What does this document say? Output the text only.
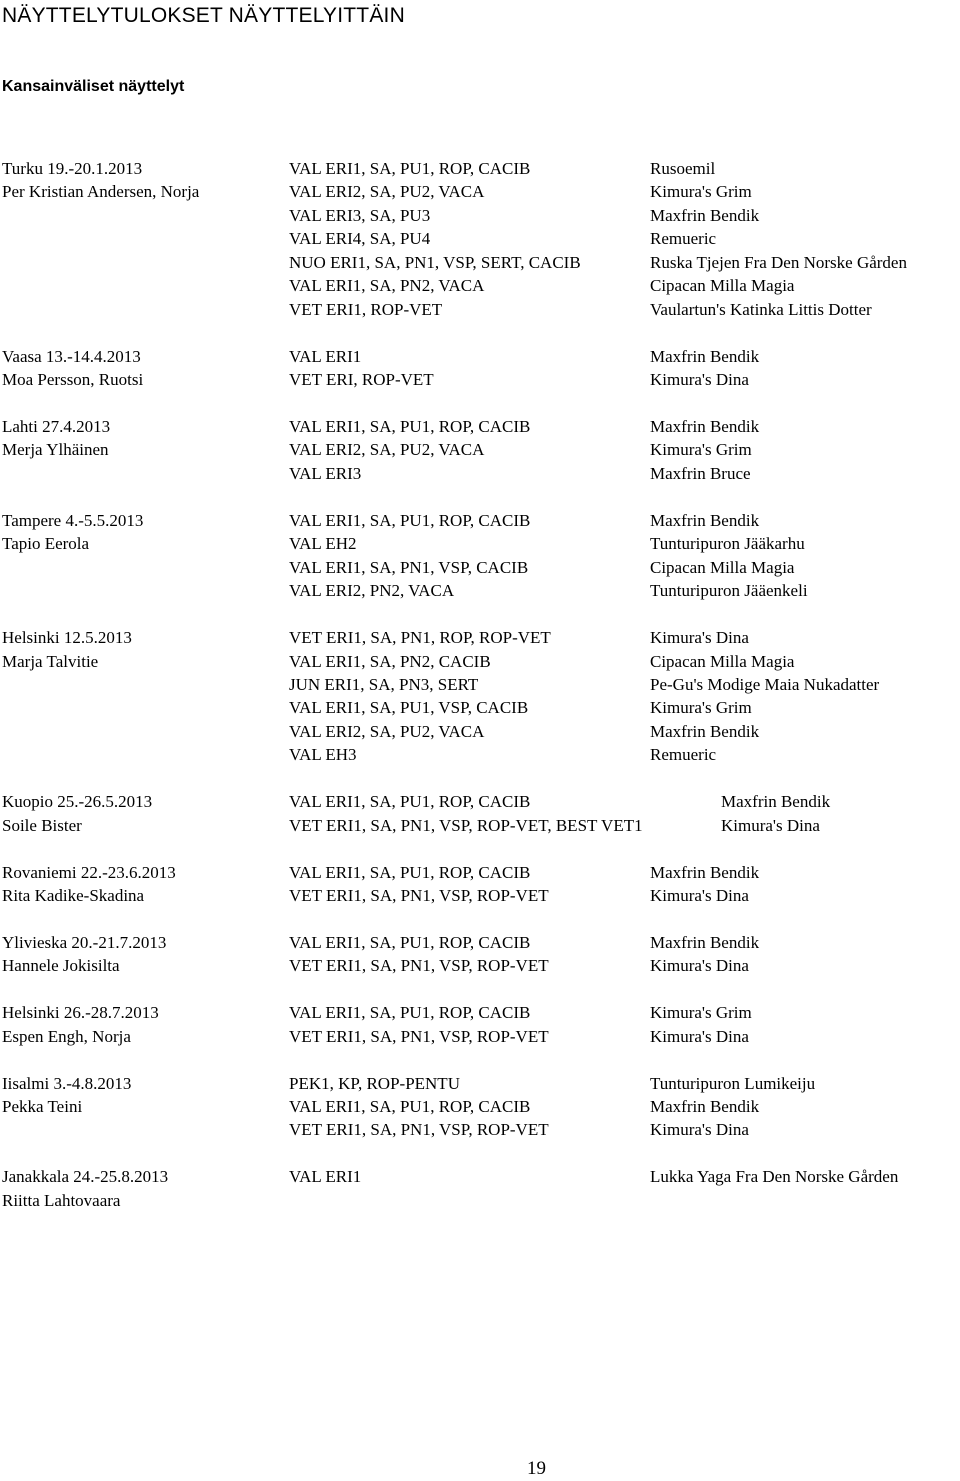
NÄYTTELYTULOKSET NÄYTTELYITTÄIN
Kansainväliset näyttelyt
Turku 19.-20.1.2013	VAL ERI1, SA, PU1, ROP, CACIB	Rusoemil
Per Kristian Andersen, Norja	VAL ERI2, SA, PU2, VACA	Kimura's Grim
VAL ERI3, SA, PU3	Maxfrin Bendik
VAL ERI4, SA, PU4	Remueric
NUO ERI1, SA, PN1, VSP, SERT, CACIB	Ruska Tjejen Fra Den Norske Gården
VAL ERI1, SA, PN2, VACA	Cipacan Milla Magia
VET ERI1, ROP-VET	Vaulartun's Katinka Littis Dotter
Vaasa 13.-14.4.2013	VAL ERI1	Maxfrin Bendik
Moa Persson, Ruotsi	VET ERI, ROP-VET	Kimura's Dina
Lahti 27.4.2013	VAL ERI1, SA, PU1, ROP, CACIB	Maxfrin Bendik
Merja Ylhäinen	VAL ERI2, SA, PU2, VACA	Kimura's Grim
VAL ERI3	Maxfrin Bruce
Tampere 4.-5.5.2013	VAL ERI1, SA, PU1, ROP, CACIB	Maxfrin Bendik
Tapio Eerola	VAL EH2	Tunturipuron Jääkarhu
VAL ERI1, SA, PN1, VSP, CACIB	Cipacan Milla Magia
VAL ERI2, PN2, VACA	Tunturipuron Jääenkeli
Helsinki 12.5.2013	VET ERI1, SA, PN1, ROP, ROP-VET	Kimura's Dina
Marja Talvitie	VAL ERI1, SA, PN2, CACIB	Cipacan Milla Magia
JUN ERI1, SA, PN3, SERT	Pe-Gu's Modige Maia Nukadatter
VAL ERI1, SA, PU1, VSP, CACIB	Kimura's Grim
VAL ERI2, SA, PU2, VACA	Maxfrin Bendik
VAL EH3	Remueric
Kuopio 25.-26.5.2013	VAL ERI1, SA, PU1, ROP, CACIB	Maxfrin Bendik
Soile Bister	VET ERI1, SA, PN1, VSP, ROP-VET, BEST VET1	Kimura's Dina
Rovaniemi 22.-23.6.2013	VAL ERI1, SA, PU1, ROP, CACIB	Maxfrin Bendik
Rita Kadike-Skadina	VET ERI1, SA, PN1, VSP, ROP-VET	Kimura's Dina
Ylivieska 20.-21.7.2013	VAL ERI1, SA, PU1, ROP, CACIB	Maxfrin Bendik
Hannele Jokisilta	VET ERI1, SA, PN1, VSP, ROP-VET	Kimura's Dina
Helsinki 26.-28.7.2013	VAL ERI1, SA, PU1, ROP, CACIB	Kimura's Grim
Espen Engh, Norja	VET ERI1, SA, PN1, VSP, ROP-VET	Kimura's Dina
Iisalmi 3.-4.8.2013	PEK1, KP, ROP-PENTU	Tunturipuron Lumikeiju
Pekka Teini	VAL ERI1, SA, PU1, ROP, CACIB	Maxfrin Bendik
VET ERI1, SA, PN1, VSP, ROP-VET	Kimura's Dina
Janakkala 24.-25.8.2013	VAL ERI1	Lukka Yaga Fra Den Norske Gården
Riitta Lahtovaara
19
